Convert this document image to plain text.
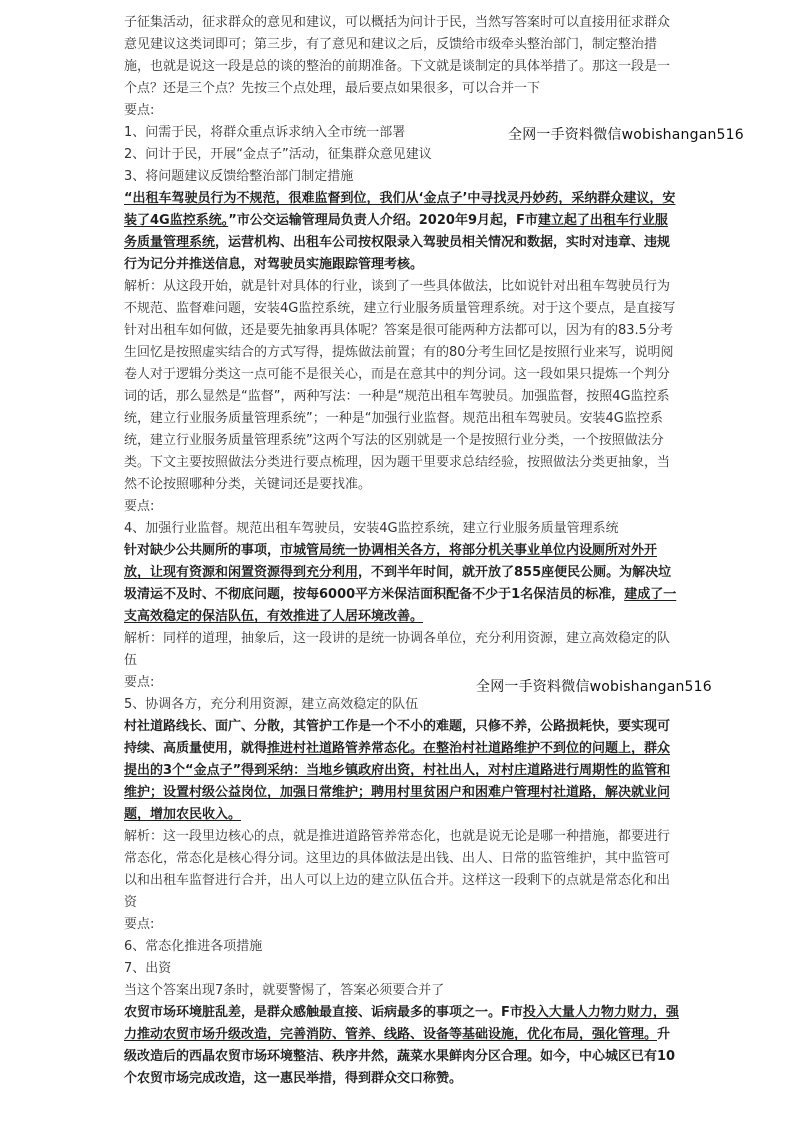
子征集活动，征求群众的意见和建议，可以概括为问计于民，当然写答案时可以直接用征求群众意见建议这类词即可；第三步，有了意见和建议之后，反馈给市级牵头整治部门，制定整治措施，也就是说这一段是总的谈的整治的前期准备。下文就是谈制定的具体举措了。那这一段是一个点？还是三个点？先按三个点处理，最后要点如果很多，可以合并一下

要点:

1、问需于民，将群众重点诉求纳入全市统一部署

2、问计于民，开展“金点子”活动，征集群众意见建议

3、将问题建议反馈给整治部门制定措施

“出租车驾驶员行为不规范，很难监督到位，我们从‘金点子’中寻找灵丹妙药，采纳群众建议，安装了4G监控系统。”市公交运输管理局负责人介绍。2020年9月起，F市建立起了出租车行业服务质量管理系统，运营机构、出租车公司按权限录入驾驶员相关情况和数据，实时对违章、违规行为记分并推送信息，对驾驶员实施跟踪管理考核。

解析：从这段开始，就是针对具体的行业，谈到了一些具体做法，比如说针对出租车驾驶员行为不规范、监督难问题，安装4G监控系统，建立行业服务质量管理系统。对于这个要点，是直接写针对出租车如何做，还是要先抽象再具体呢？答案是很可能两种方法都可以，因为有的83.5分考生回忆是按照虚实结合的方式写得，提炼做法前置；有的80分考生回忆是按照行业来写，说明阅卷人对于逻辑分类这一点可能不是很关心，而是在意其中的判分词。这一段如果只提炼一个判分词的话，那么显然是“监督”，两种写法：一种是“规范出租车驾驶员。加强监督，按照4G监控系统，建立行业服务质量管理系统”；一种是“加强行业监督。规范出租车驾驶员。安装4G监控系统，建立行业服务质量管理系统”这两个写法的区别就是一个是按照行业分类，一个按照做法分类。下文主要按照做法分类进行要点梳理，因为题干里要求总结经验，按照做法分类更抽象，当然不论按照哪种分类，关键词还是要找准。

要点:

4、加强行业监督。规范出租车驾驶员，安装4G监控系统，建立行业服务质量管理系统

针对缺少公共厕所的事项，市城管局统一协调相关各方，将部分机关事业单位内设厕所对外开放，让现有资源和闲置资源得到充分利用，不到半年时间，就开放了855座便民公厕。为解决垃圾清运不及时、不彻底问题，按每6000平方米保洁面积配备不少于1名保洁员的标准，建成了一支高效稳定的保洁队伍，有效推进了人居环境改善。

解析：同样的道理，抽象后，这一段讲的是统一协调各单位，充分利用资源，建立高效稳定的队伍

要点:

5、协调各方，充分利用资源，建立高效稳定的队伍

村社道路线长、面广、分散，其管护工作是一个不小的难题，只修不养，公路损耗快，要实现可持续、高质量使用，就得推进村社道路管养常态化。在整治村社道路维护不到位的问题上，群众提出的3个“金点子”得到采纳：当地乡镇政府出资，村社出人，对村庄道路进行周期性的监管和维护；设置村级公益岗位，加强日常维护；聘用村里贫困户和困难户管理村社道路，解决就业问题，增加农民收入。

解析：这一段里边核心的点，就是推进道路管养常态化，也就是说无论是哪一种措施，都要进行常态化，常态化是核心得分词。这里边的具体做法是出钱、出人、日常的监管维护，其中监管可以和出租车监督进行合并，出人可以上边的建立队伍合并。这样这一段剩下的点就是常态化和出资

要点:

6、常态化推进各项措施

7、出资

当这个答案出现7条时，就要警惕了，答案必须要合并了

农贸市场环境脏乱差，是群众感触最直接、诟病最多的事项之一。F市投入大量人力物力财力，强力推动农贸市场升级改造，完善消防、管养、线路、设备等基础设施，优化布局，强化管理。升级改造后的西晶农贸市场环境整洁、秩序井然，蔬菜水果鲜肉分区合理。如今，中心城区已有10个农贸市场完成改造，这一惠民举措，得到群众交口称赞。

全网一手资料微信wobishangan516
全网一手资料微信wobishangan516
